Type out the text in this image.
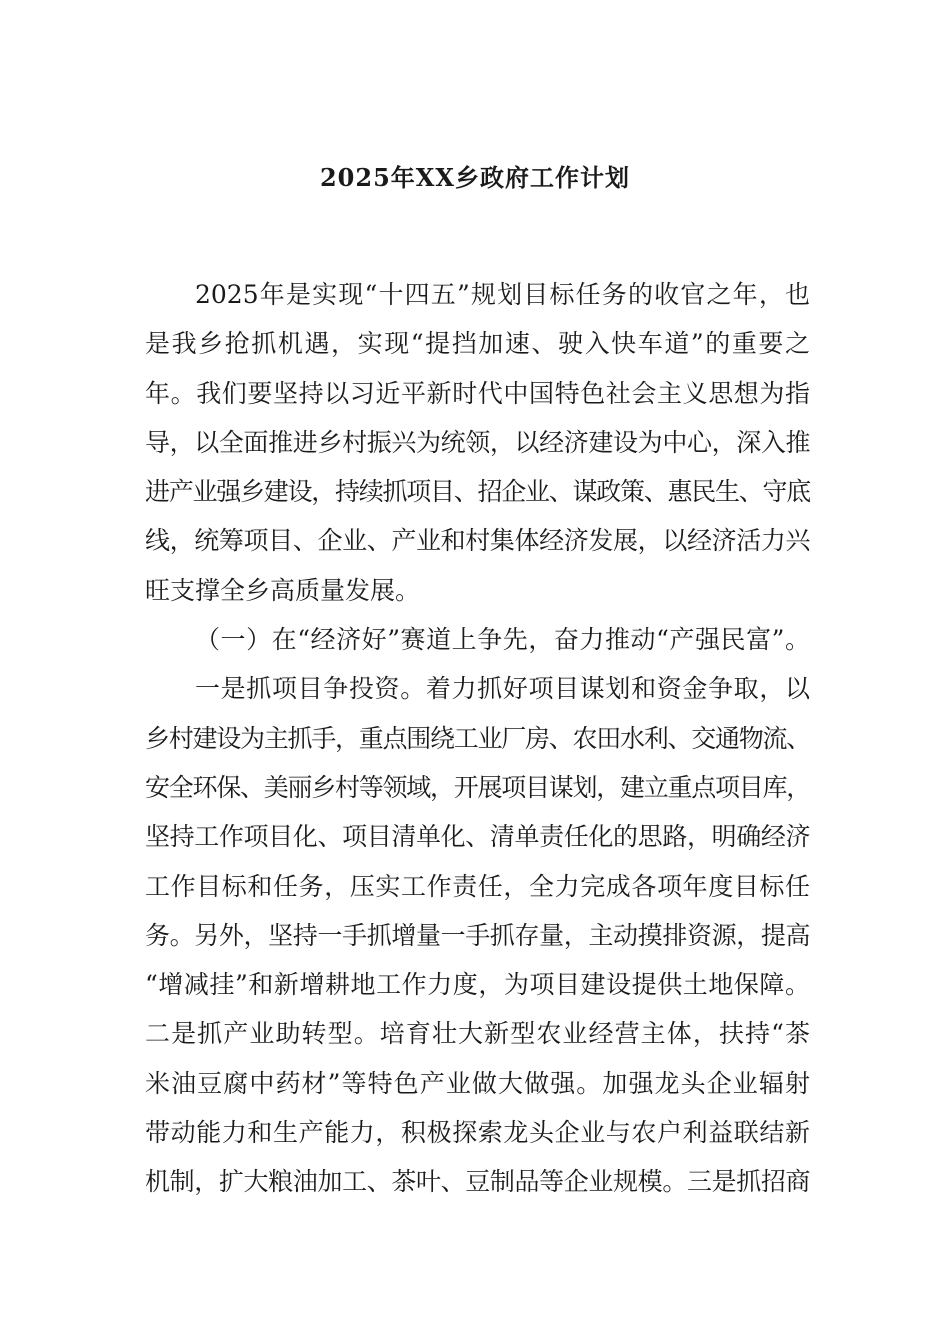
2025年XX乡政府工作计划
2025年是实现“十四五”规划目标任务的收官之年，也
是我乡抢抓机遇，实现“提挡加速、驶入快车道”的重要之
年。我们要坚持以习近平新时代中国特色社会主义思想为指
导，以全面推进乡村振兴为统领，以经济建设为中心，深入推
进产业强乡建设，持续抓项目、招企业、谋政策、惠民生、守底
线，统筹项目、企业、产业和村集体经济发展，以经济活力兴
旺支撑全乡高质量发展。
（一）在“经济好”赛道上争先，奋力推动“产强民富”。
一是抓项目争投资。着力抓好项目谋划和资金争取，以
乡村建设为主抓手，重点围绕工业厂房、农田水利、交通物流、
安全环保、美丽乡村等领域，开展项目谋划，建立重点项目库，
坚持工作项目化、项目清单化、清单责任化的思路，明确经济
工作目标和任务，压实工作责任，全力完成各项年度目标任
务。另外，坚持一手抓增量一手抓存量，主动摸排资源，提高
“增减挂”和新增耕地工作力度，为项目建设提供土地保障。
二是抓产业助转型。培育壮大新型农业经营主体，扶持“茶
米油豆腐中药材”等特色产业做大做强。加强龙头企业辐射
带动能力和生产能力，积极探索龙头企业与农户利益联结新
机制，扩大粮油加工、茶叶、豆制品等企业规模。三是抓招商
